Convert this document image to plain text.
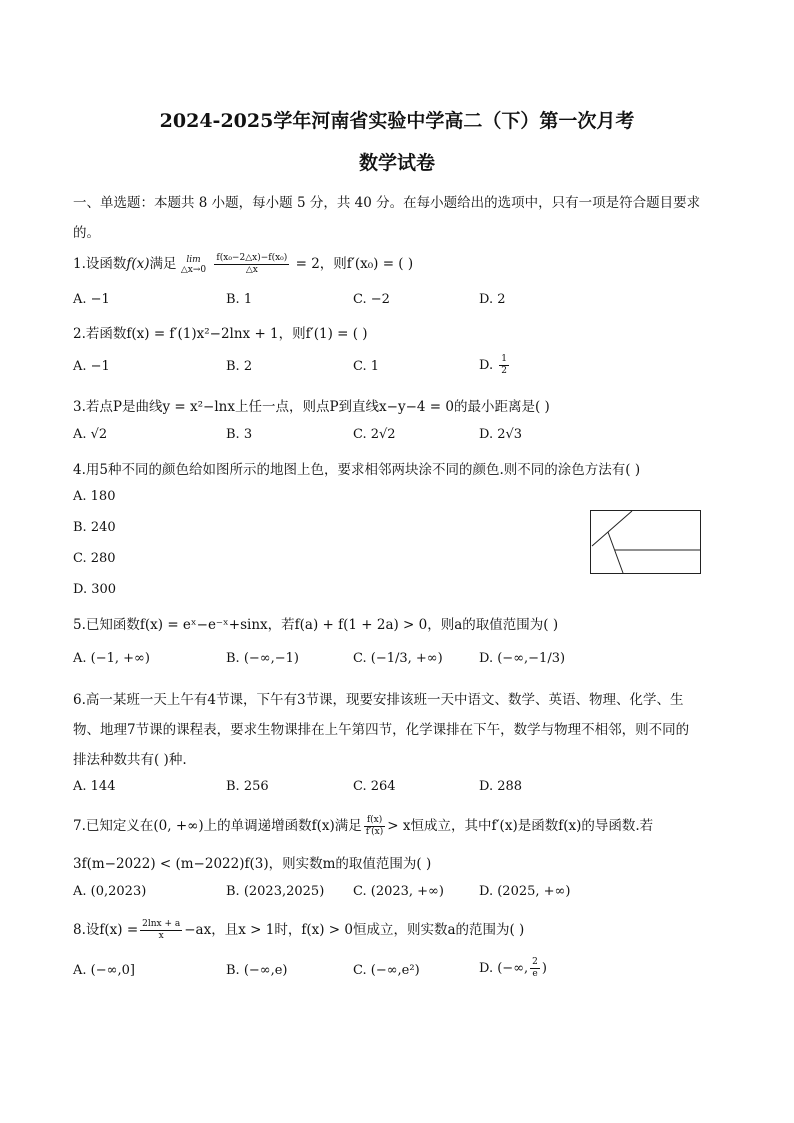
2024-2025学年河南省实验中学高二（下）第一次月考
数学试卷
一、单选题：本题共 8 小题，每小题 5 分，共 40 分。在每小题给出的选项中，只有一项是符合题目要求的。
1.设函数f(x)满足	lim
△x→0
$\frac{\text{f(x₀−2△x)−f(x₀)}}{\triangle x} = 2$，则f′(x₀) = ( )
A. −1	B. 1	C. −2	D. 2
2.若函数f(x) = f′(1)x²−2lnx + 1，则f′(1) = ( )
A. −1	B. 2	C. 1	D. $\frac{1}{2}$
3.若点P是曲线y = x²−lnx上任一点，则点P到直线x−y−4 = 0的最小距离是( )
A. √2	B. 3	C. 2√2	D. 2√3
4.用5种不同的颜色给如图所示的地图上色，要求相邻两块涂不同的颜色.则不同的涂色方法有( )
A. 180
B. 240
C. 280
D. 300
5.已知函数f(x) = eˣ−e⁻ˣ+sinx，若f(a) + f(1 + 2a) > 0，则a的取值范围为( )
A. (−1, +∞)	B. (−∞,−1)	C. (−1/3, +∞)	D. (−∞,−1/3)
6.高一某班一天上午有4节课，下午有3节课，现要安排该班一天中语文、数学、英语、物理、化学、生
物、地理7节课的课程表，要求生物课排在上午第四节，化学课排在下午，数学与物理不相邻，则不同的
排法种数共有( )种.
A. 144	B. 256	C. 264	D. 288
7.已知定义在(0, +∞)上的单调递增函数f(x)满足 $\frac{f(x)}{f'(x)} > x$恒成立，其中f′(x)是函数f(x)的导函数.若
3f(m−2022) < (m−2022)f(3)，则实数m的取值范围为( )
A. (0,2023)	B. (2023,2025) C. (2023, +∞)	D. (2025, +∞)
8.设$f(x) = \frac{2\ln x + a}{x} -ax$，且x > 1时，f(x) > 0恒成立，则实数a的范围为( )
A. (−∞,0]	B. (−∞,e)	C. (−∞,e²)	D. (−∞, $\frac{2}{e}$ )
